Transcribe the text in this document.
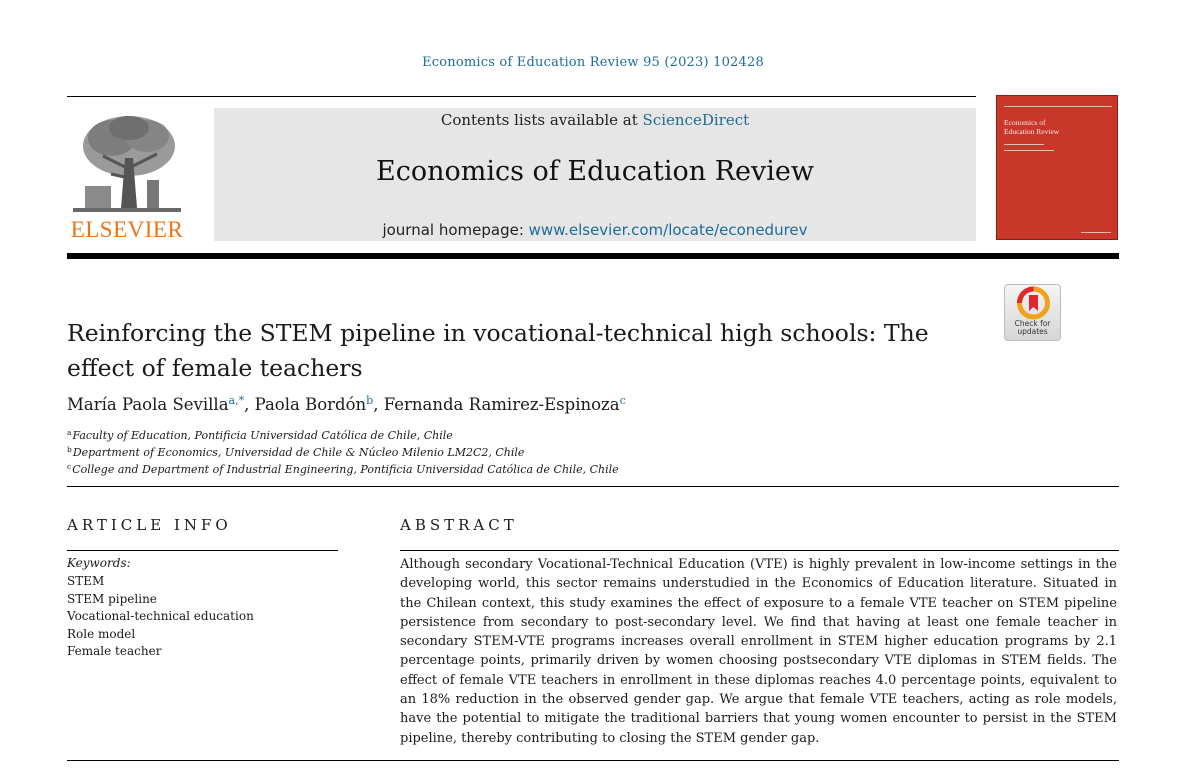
Economics of Education Review 95 (2023) 102428
ELSEVIER
Contents lists available at ScienceDirect
Economics of Education Review
journal homepage: www.elsevier.com/locate/econedurev
Economics of
Education Review
Check for
updates
Reinforcing the STEM pipeline in vocational-technical high schools: The effect of female teachers
María Paola Sevilla$^{a,*}$, Paola Bordón$^b$, Fernanda Ramirez-Espinoza$^c$
$^a$Faculty of Education, Pontificia Universidad Católica de Chile, Chile
$^b$Department of Economics, Universidad de Chile & Núcleo Milenio LM2C2, Chile
$^c$College and Department of Industrial Engineering, Pontificia Universidad Católica de Chile, Chile
ARTICLE INFO	ABSTRACT
Keywords:
STEM
STEM pipeline
Vocational-technical education
Role model
Female teacher

Although secondary Vocational-Technical Education (VTE) is highly prevalent in low-income settings in the developing world, this sector remains understudied in the Economics of Education literature. Situated in the Chilean context, this study examines the effect of exposure to a female VTE teacher on STEM pipeline persistence from secondary to post-secondary level. We find that having at least one female teacher in secondary STEM-VTE programs increases overall enrollment in STEM higher education programs by 2.1 percentage points, primarily driven by women choosing postsecondary VTE diplomas in STEM fields. The effect of female VTE teachers in enrollment in these diplomas reaches 4.0 percentage points, equivalent to an 18% reduction in the observed gender gap. We argue that female VTE teachers, acting as role models, have the potential to mitigate the traditional barriers that young women encounter to persist in the STEM pipeline, thereby contributing to closing the STEM gender gap.
